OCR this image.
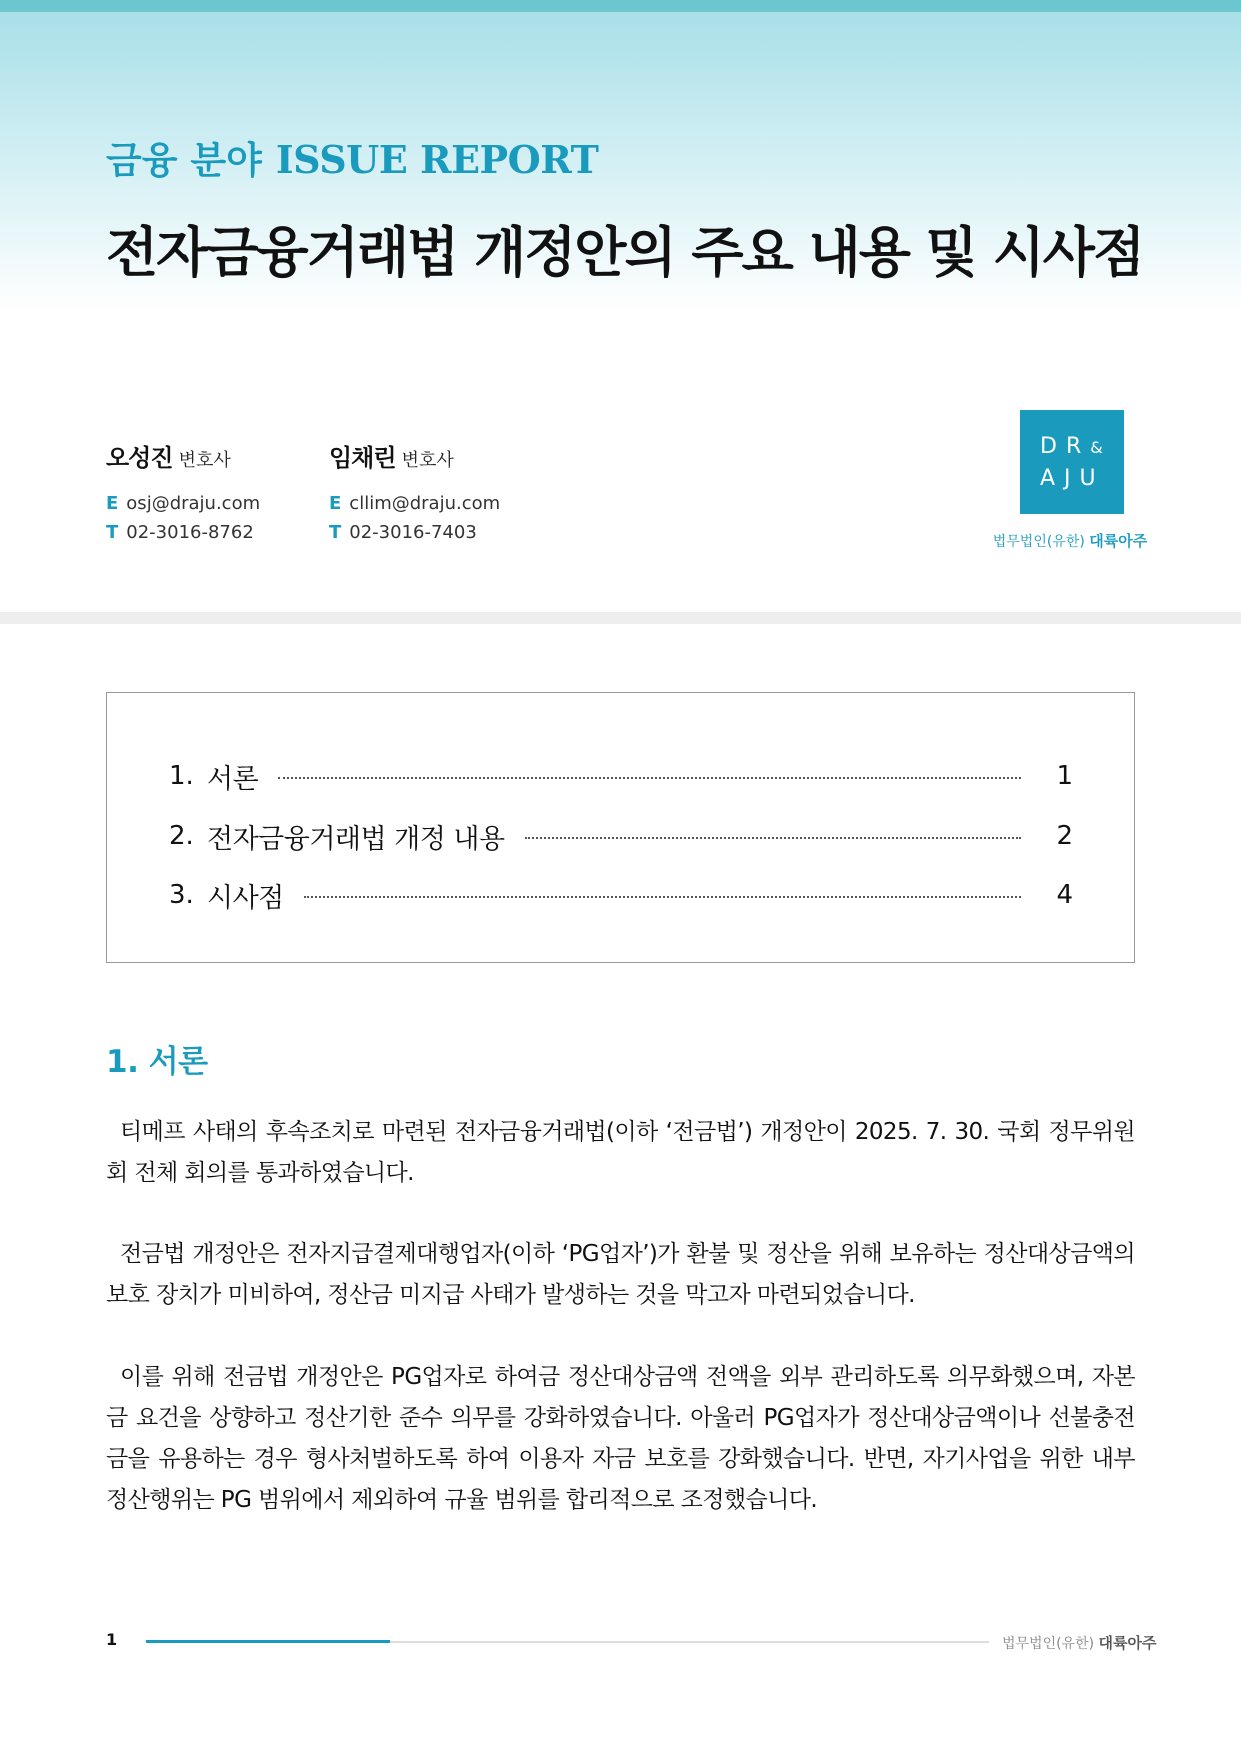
금융 분야 ISSUE REPORT
전자금융거래법 개정안의 주요 내용 및 시사점
오성진 변호사
E osj@draju.com
T 02-3016-8762
임채린 변호사
E cllim@draju.com
T 02-3016-7403
DR&
AJU
법무법인(유한) 대륙아주
1. 서론	1
2. 전자금융거래법 개정 내용	2
3. 시사점	4
1. 서론

티메프 사태의 후속조치로 마련된 전자금융거래법(이하 ‘전금법’) 개정안이 2025. 7. 30. 국회 정무위원회 전체 회의를 통과하였습니다.

전금법 개정안은 전자지급결제대행업자(이하 ‘PG업자’)가 환불 및 정산을 위해 보유하는 정산대상금액의 보호 장치가 미비하여, 정산금 미지급 사태가 발생하는 것을 막고자 마련되었습니다.

이를 위해 전금법 개정안은 PG업자로 하여금 정산대상금액 전액을 외부 관리하도록 의무화했으며, 자본금 요건을 상향하고 정산기한 준수 의무를 강화하였습니다. 아울러 PG업자가 정산대상금액이나 선불충전금을 유용하는 경우 형사처벌하도록 하여 이용자 자금 보호를 강화했습니다. 반면, 자기사업을 위한 내부 정산행위는 PG 범위에서 제외하여 규율 범위를 합리적으로 조정했습니다.

1	법무법인(유한) 대륙아주
